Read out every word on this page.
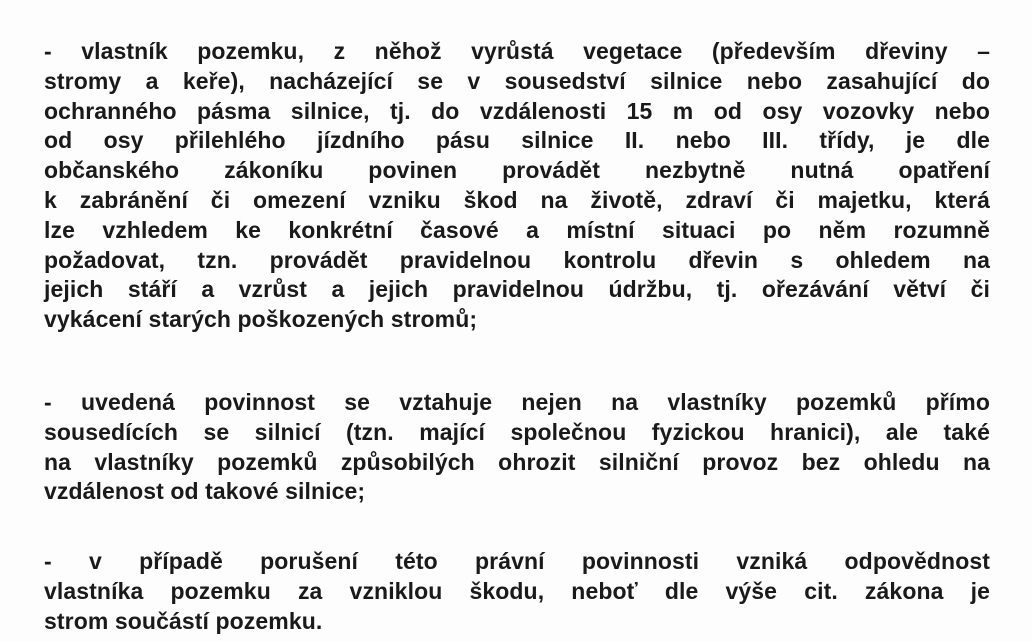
- vlastník pozemku, z něhož vyrůstá vegetace (především dřeviny –
stromy a keře), nacházející se v sousedství silnice nebo zasahující do
ochranného pásma silnice, tj. do vzdálenosti 15 m od osy vozovky nebo
od osy přilehlého jízdního pásu silnice II. nebo III. třídy, je dle
občanského zákoníku povinen provádět nezbytně nutná opatření
k zabránění či omezení vzniku škod na životě, zdraví či majetku, která
lze vzhledem ke konkrétní časové a místní situaci po něm rozumně
požadovat, tzn. provádět pravidelnou kontrolu dřevin s ohledem na
jejich stáří a vzrůst a jejich pravidelnou údržbu, tj. ořezávání větví či
vykácení starých poškozených stromů;

- uvedená povinnost se vztahuje nejen na vlastníky pozemků přímo
sousedících se silnicí (tzn. mající společnou fyzickou hranici), ale také
na vlastníky pozemků způsobilých ohrozit silniční provoz bez ohledu na
vzdálenost od takové silnice;

- v případě porušení této právní povinnosti vzniká odpovědnost
vlastníka pozemku za vzniklou škodu, neboť dle výše cit. zákona je
strom součástí pozemku.
